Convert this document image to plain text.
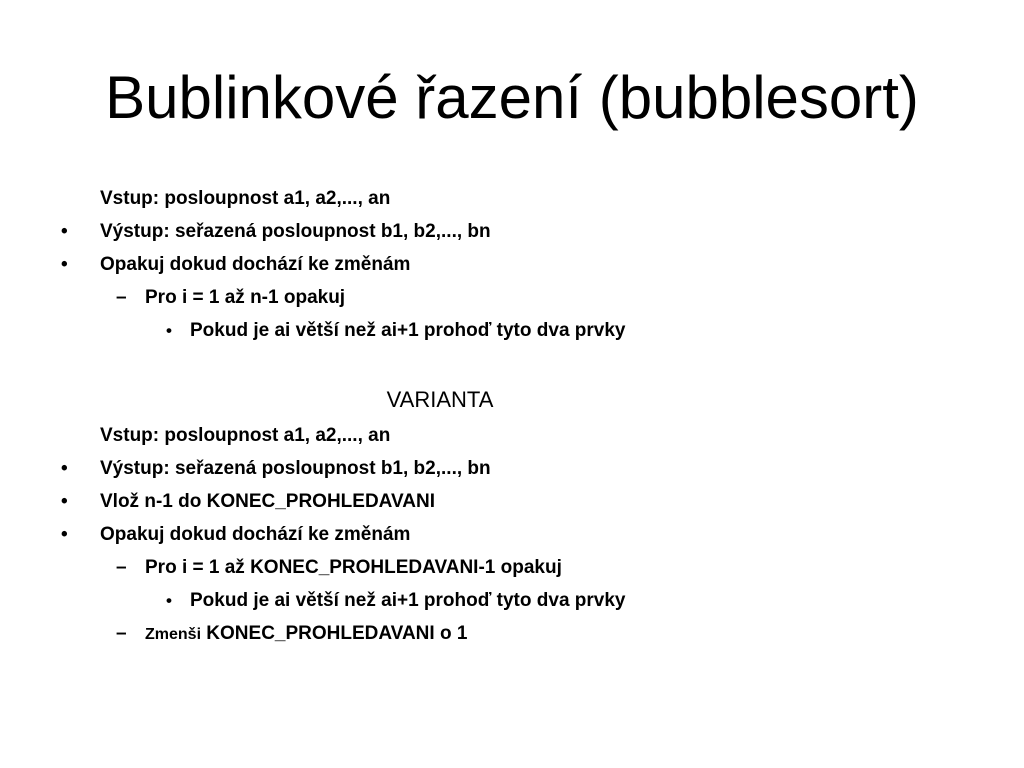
Bublinkové řazení (bubblesort)
Vstup: posloupnost a1, a2,..., an
• Výstup: seřazená posloupnost b1, b2,..., bn
• Opakuj dokud dochází ke změnám
– Pro i = 1 až n-1 opakuj
• Pokud je ai větší než ai+1 prohoď tyto dva prvky
VARIANTA
Vstup: posloupnost a1, a2,..., an
• Výstup: seřazená posloupnost b1, b2,..., bn
• Vlož n-1 do KONEC_PROHLEDAVANI
• Opakuj dokud dochází ke změnám
– Pro i = 1 až KONEC_PROHLEDAVANI-1 opakuj
• Pokud je ai větší než ai+1 prohoď tyto dva prvky
– Zmenši KONEC_PROHLEDAVANI o 1
